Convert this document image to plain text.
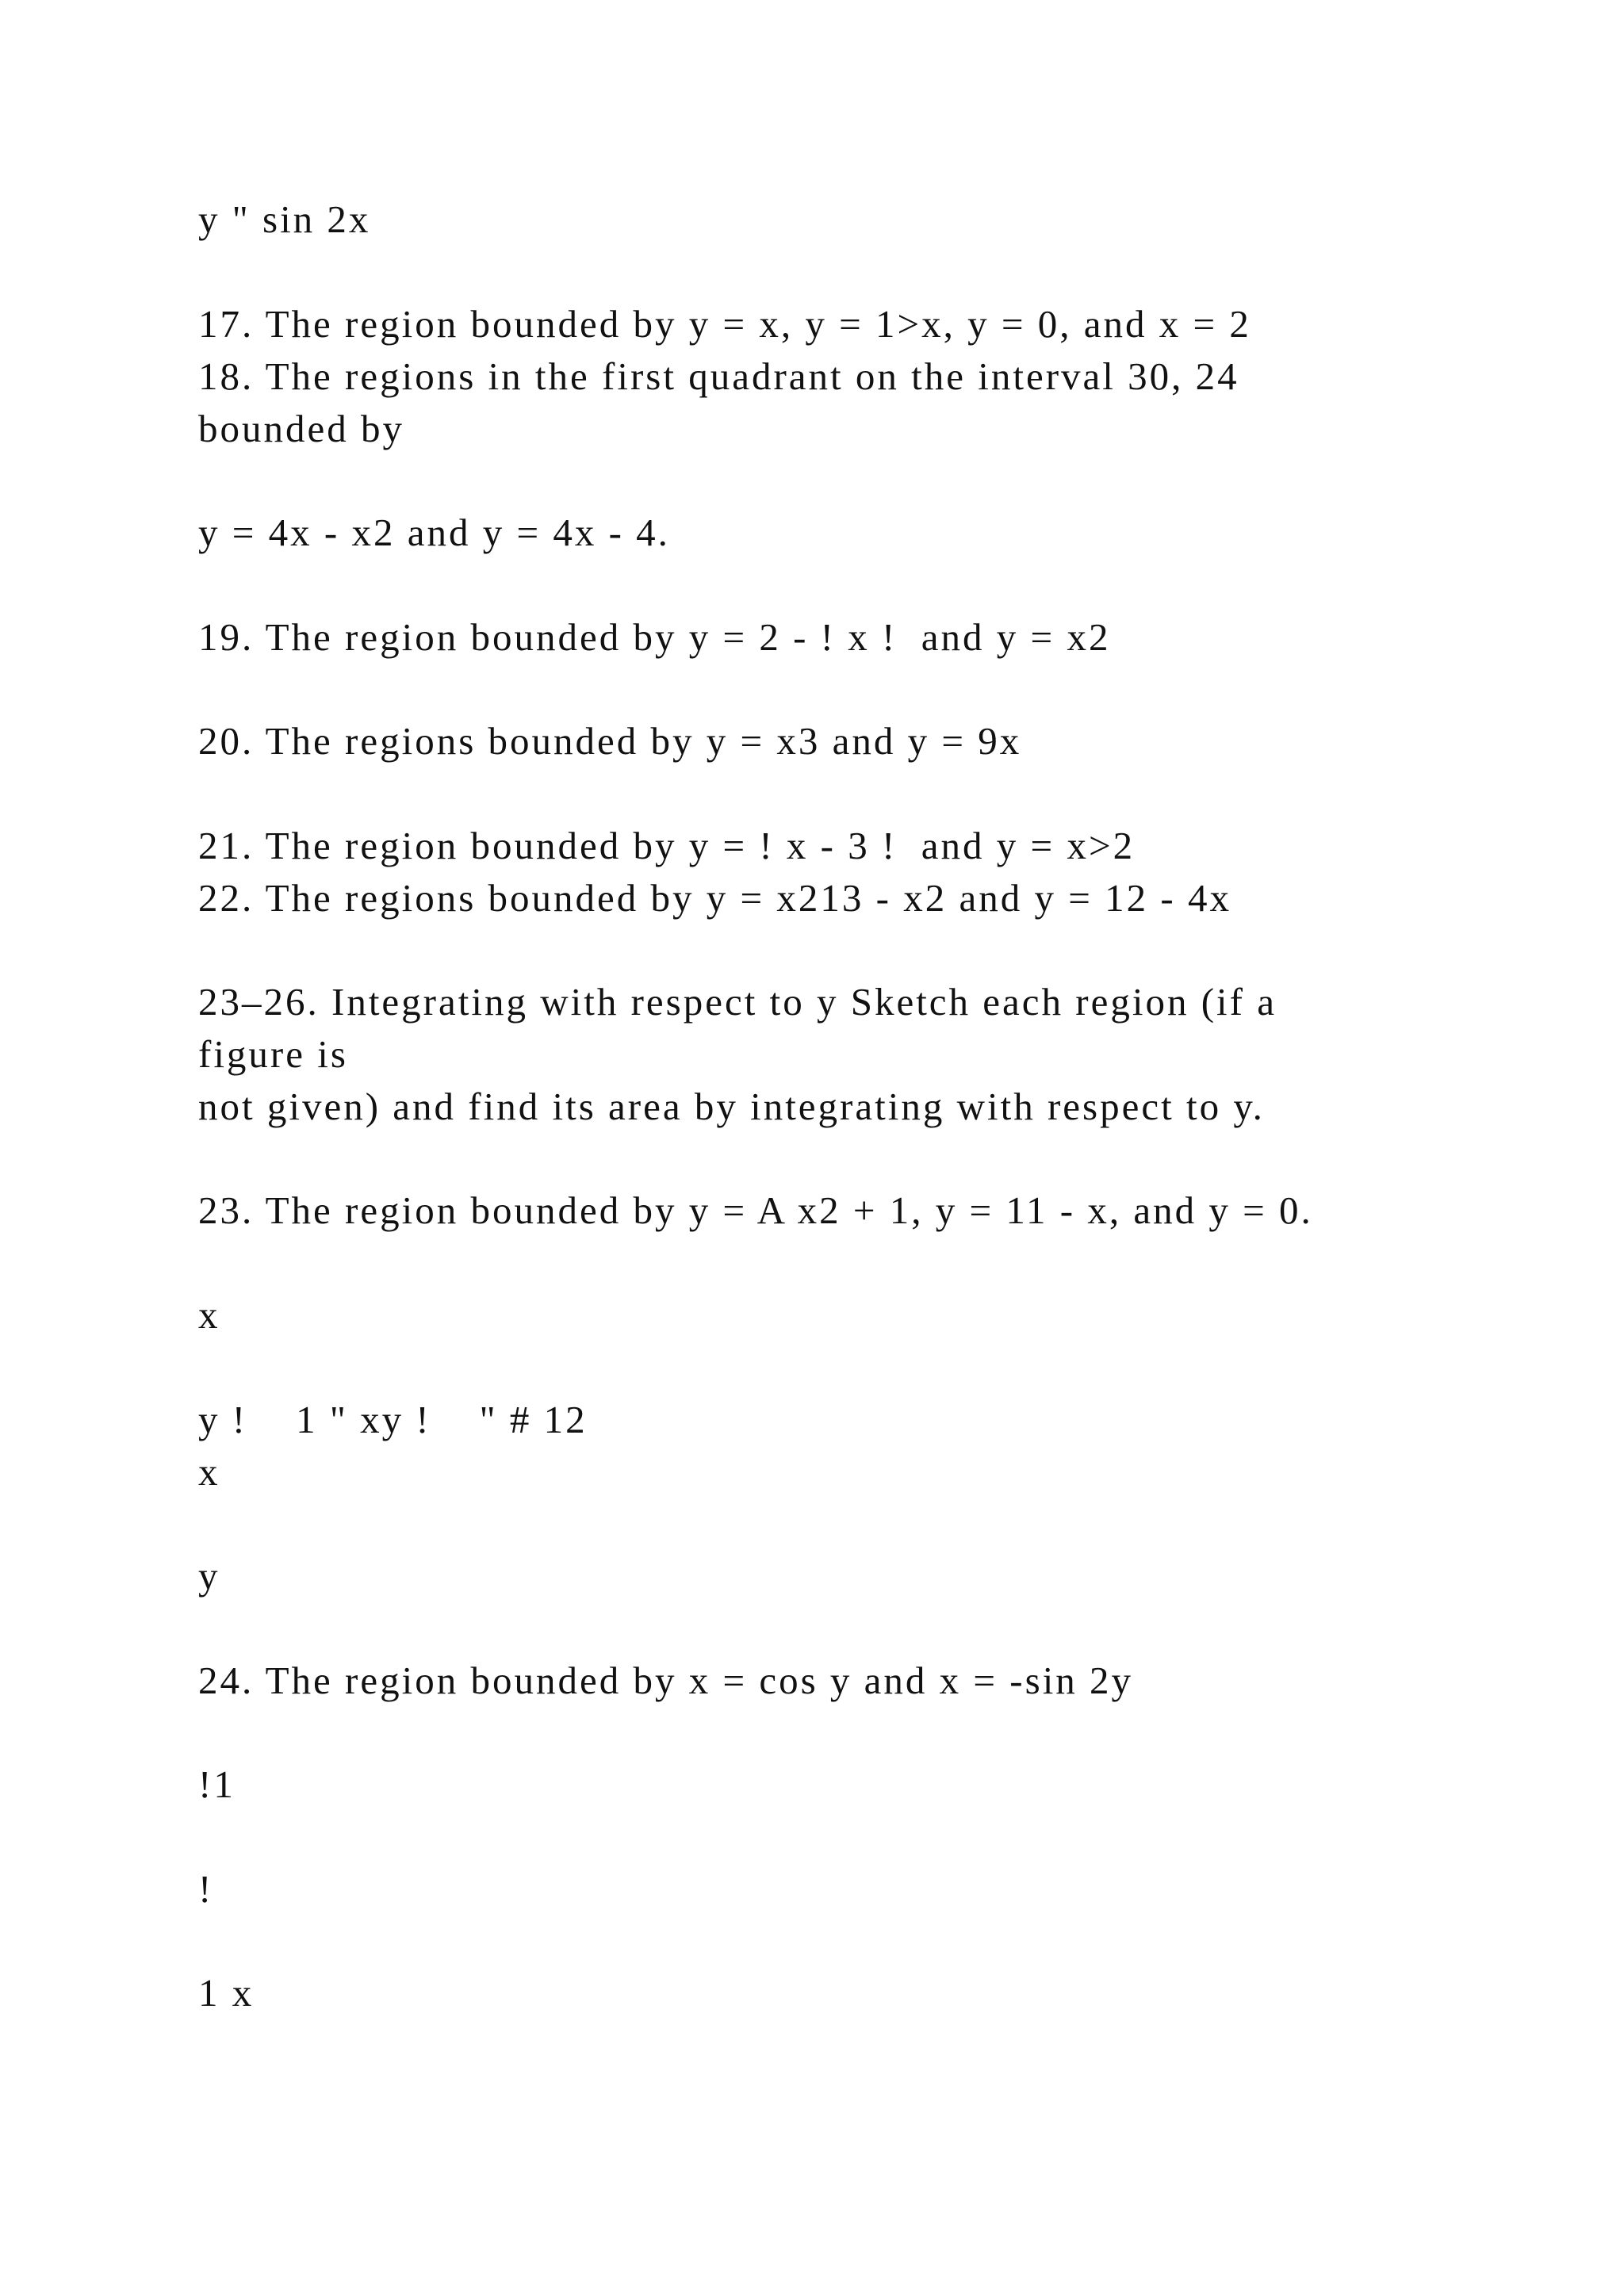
y " sin 2x

17. The region bounded by y = x, y = 1>x, y = 0, and x = 2

18. The regions in the first quadrant on the interval 30, 24

bounded by

y = 4x - x2 and y = 4x - 4.

19. The region bounded by y = 2 - ! x !  and y = x2

20. The regions bounded by y = x3 and y = 9x

21. The region bounded by y = ! x - 3 !  and y = x>2

22. The regions bounded by y = x213 - x2 and y = 12 - 4x

23–26. Integrating with respect to y Sketch each region (if a

figure is

not given) and find its area by integrating with respect to y.

23. The region bounded by y = A x2 + 1, y = 11 - x, and y = 0.

x

y !    1 " xy !    " # 12

x

y

24. The region bounded by x = cos y and x = -sin 2y

!1

!

1 x
